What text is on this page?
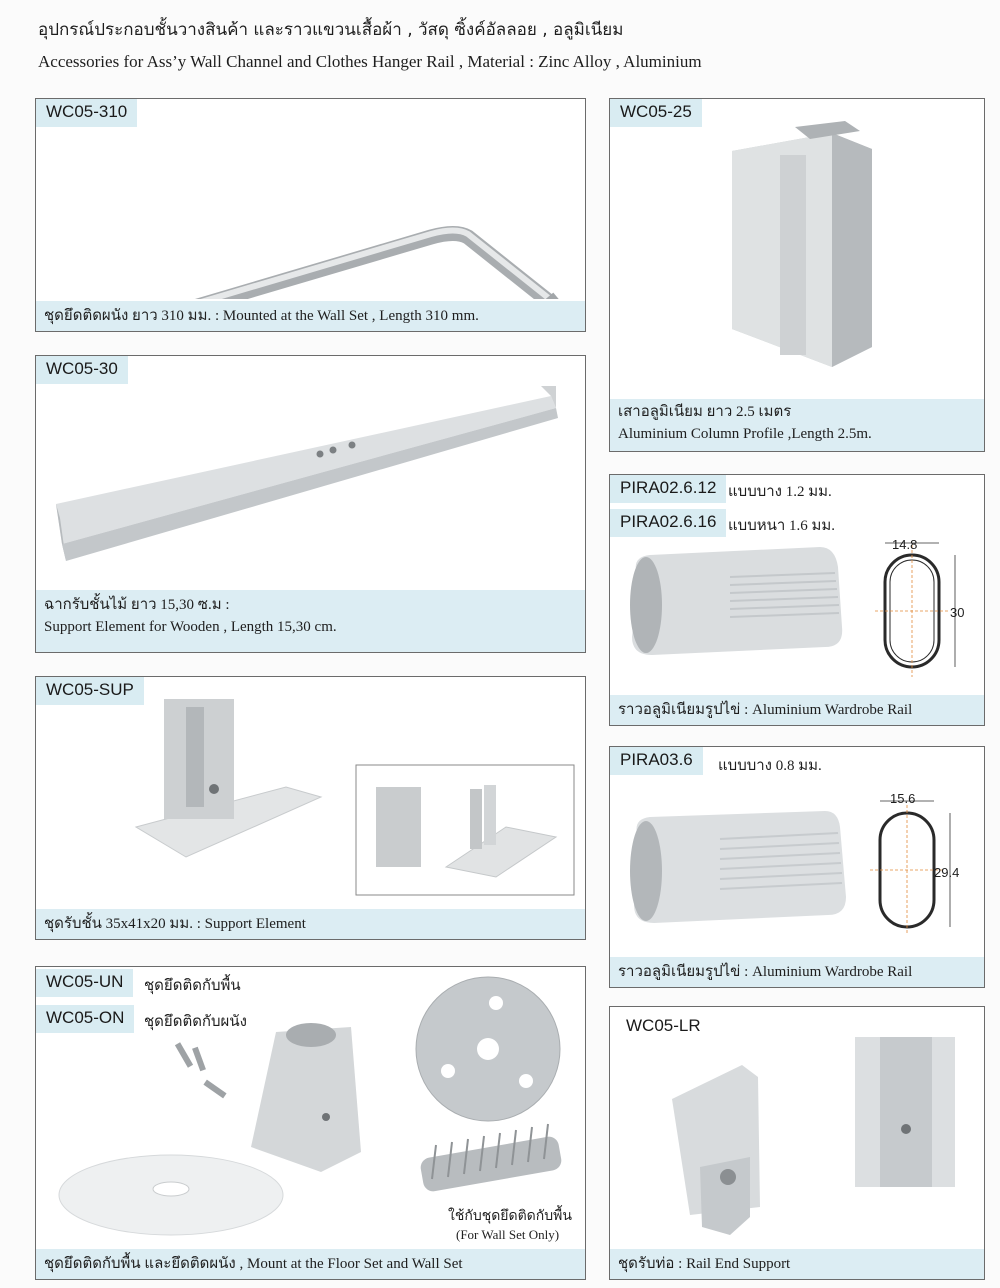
อุปกรณ์ประกอบชั้นวางสินค้า และราวแขวนเสื้อผ้า , วัสดุ ซิ้งค์อัลลอย , อลูมิเนียม
Accessories for Ass’y Wall Channel and Clothes Hanger Rail , Material : Zinc Alloy , Aluminium
WC05-310
ชุดยึดติดผนัง ยาว 310 มม. : Mounted at the Wall Set , Length 310 mm.
WC05-25
เสาอลูมิเนียม ยาว 2.5 เมตร
Aluminium Column Profile ,Length 2.5m.
WC05-30
ฉากรับชั้นไม้ ยาว 15,30 ซ.ม :
Support Element for Wooden , Length 15,30 cm.
PIRA02.6.12 แบบบาง 1.2 มม.
PIRA02.6.16 แบบหนา 1.6 มม.
14.8
30
ราวอลูมิเนียมรูปไข่ : Aluminium Wardrobe Rail
WC05-SUP
ชุดรับชั้น 35x41x20 มม. : Support Element
PIRA03.6	แบบบาง 0.8 มม.
15.6
29.4
ราวอลูมิเนียมรูปไข่ : Aluminium Wardrobe Rail
WC05-UN	ชุดยึดติดกับพื้น
WC05-ON	ชุดยึดติดกับผนัง
ใช้กับชุดยึดติดกับพื้น
(For Wall Set Only)
ชุดยึดติดกับพื้น และยึดติดผนัง , Mount at the Floor Set and Wall Set
WC05-LR
ชุดรับท่อ : Rail End Support
